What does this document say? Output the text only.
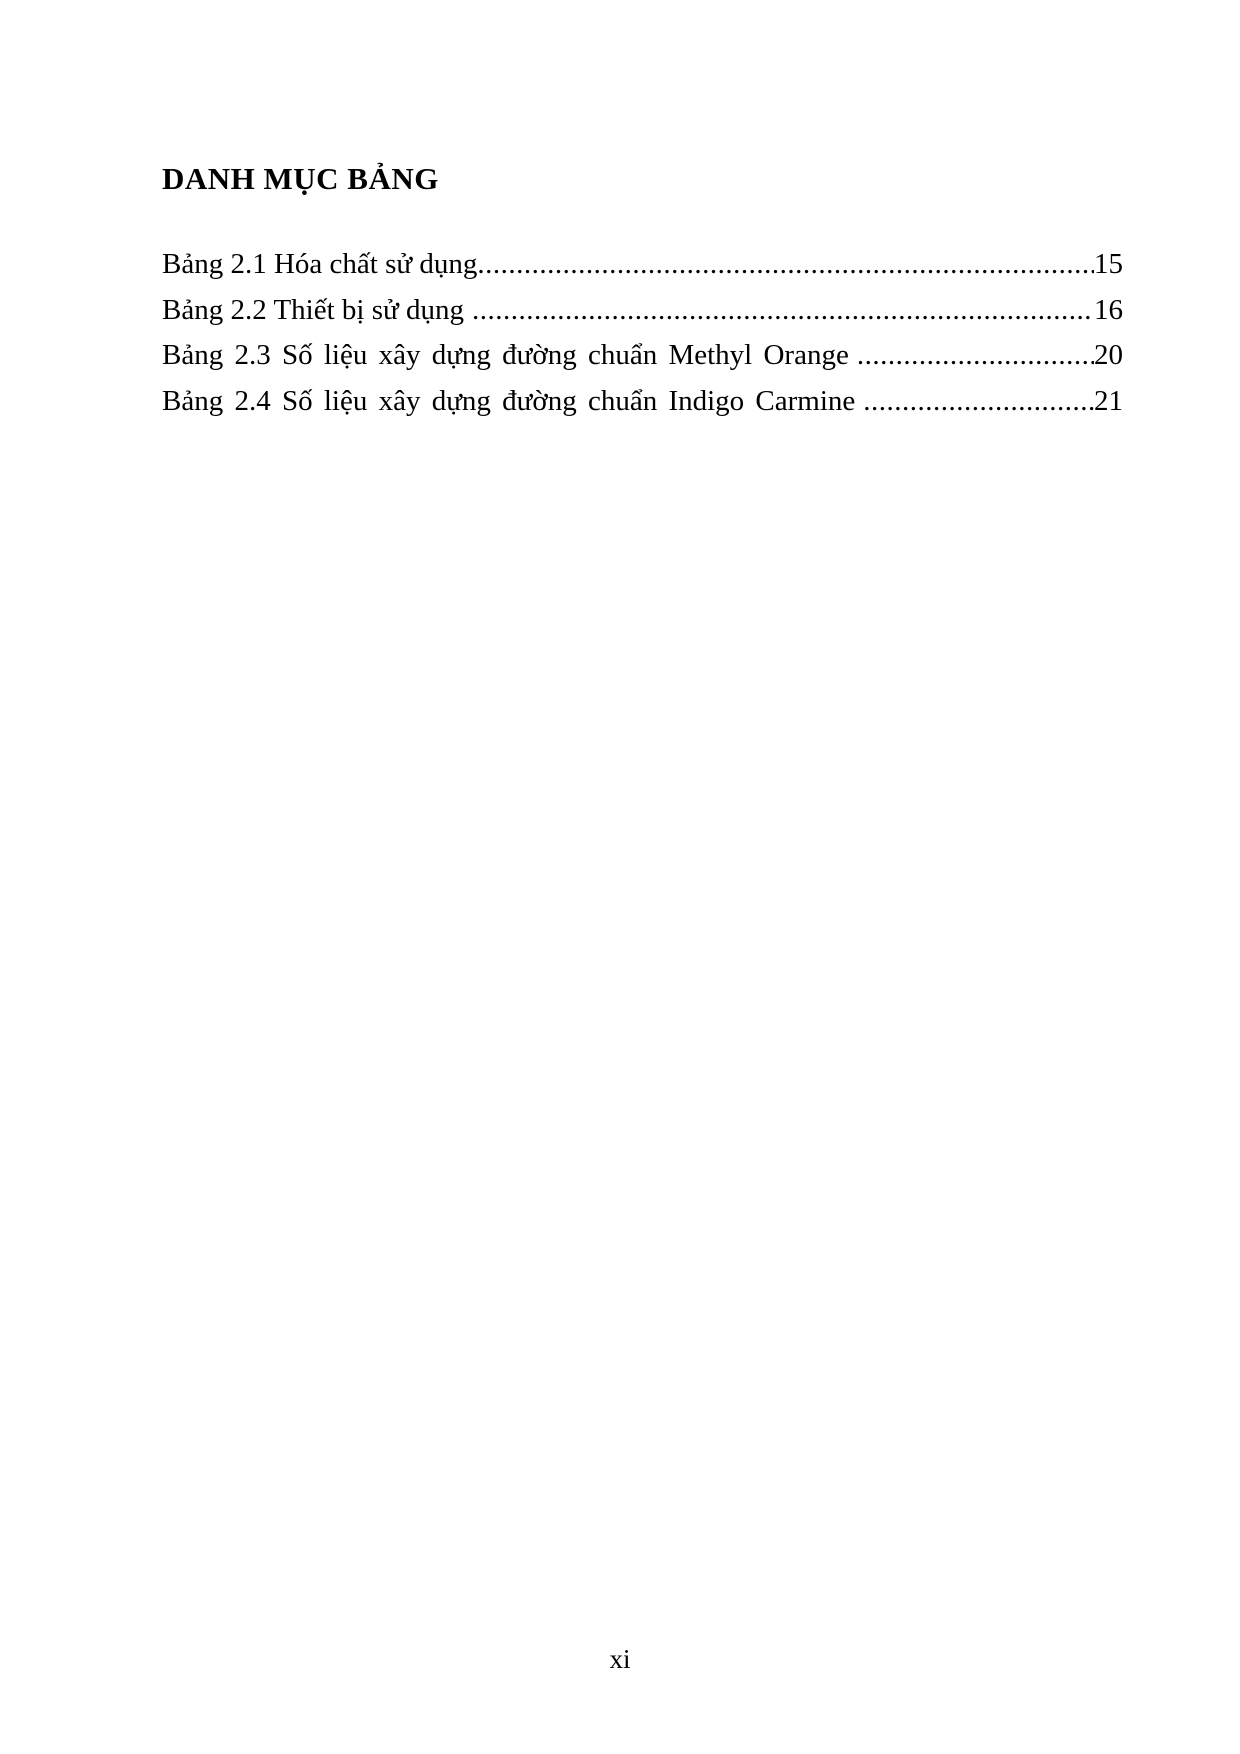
DANH MỤC BẢNG
Bảng 2.1 Hóa chất sử dụng .....	15
Bảng 2.2 Thiết bị sử dụng .....	16
Bảng 2.3 Số liệu xây dựng đường chuẩn Methyl Orange .....	20
Bảng 2.4 Số liệu xây dựng đường chuẩn Indigo Carmine .....	21
xi
